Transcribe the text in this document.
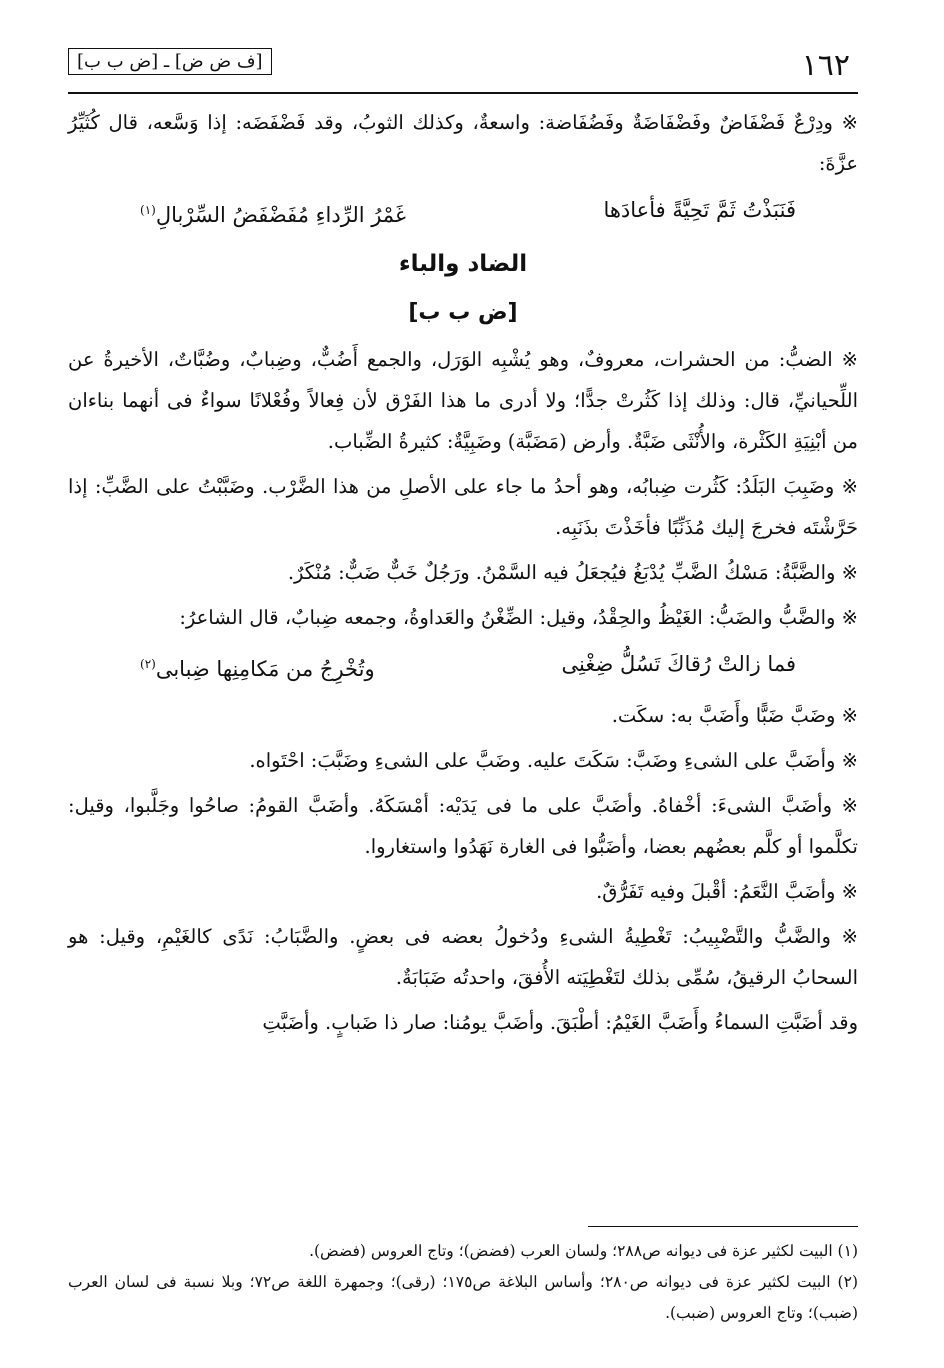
١٦٢
[ف ض ض] ـ [ض ب ب]

※ ودِرْعٌ فَضْفَاضٌ وفَضْفَاضَةٌ وفَضُفَاضة: واسعةٌ، وكذلك الثوبُ، وقد فَضْفَضَه: إذا وَسَّعه، قال كُثَيِّرُ عزَّةَ:

فَنَبَذْتُ ثَمَّ تَحِيَّةً فأعادَها
غَمْرُ الرِّداءِ مُفَضْفَضُ السِّرْبالِ$^{(١)}$
الضاد والباء
[ض ب ب]

※ الضبُّ: من الحشرات، معروفٌ، وهو يُشْبِه الوَرَل، والجمع أَضُبٌّ، وضِبابٌ، وضُبَّاتٌ، الأخيرةُ عن اللِّحيانيِّ، قال: وذلك إذا كَثُرتْ جدًّا؛ ولا أدرى ما هذا الفَرْق لأن فِعالاً وفُعْلانًا سواءٌ فى أنهما بناءان من أبْنِيَةِ الكَثْرة، والأُنْثَى ضَبَّةٌ. وأرض (مَضَبَّة) وضَبِيَّةٌ: كثيرةُ الضِّباب.

※ وضَبِبَ البَلَدُ: كَثُرت ضِبابُه، وهو أحدُ ما جاء على الأصلِ من هذا الضَّرْب. وضَبَّبْتُ على الضَّبِّ: إذا حَرَّشْتَه فخرجَ إليك مُذَنِّبًا فأخَذْتَ بذَنَبِه.

※ والضَّبَّةُ: مَسْكُ الضَّبِّ يُدْبَغُ فيُجعَلُ فيه السَّمْنُ. ورَجُلٌ خَبٌّ ضَبٌّ: مُنْكَرٌ.

※ والضَّبُّ والضَبُّ: الغَيْظُ والحِقْدُ، وقيل: الضِّغْنُ والعَداوةُ، وجمعه ضِبابٌ، قال الشاعرُ:

فما زالتْ رُقاكَ تَسُلُّ ضِغْنِى
وتُخْرِجُ من مَكامِنِها ضِبابى$^{(٢)}$

※ وضَبَّ ضَبًّا وأَضَبَّ به: سكَت.

※ وأضَبَّ على الشىءِ وضَبَّ: سَكَتَ عليه. وضَبَّ على الشىءِ وضَبَّبَ: احْتَواه.

※ وأضَبَّ الشىءَ: أخْفاهُ. وأضَبَّ على ما فى يَدَيْه: أمْسَكَهُ. وأضَبَّ القومُ: صاحُوا وجَلَّبوا، وقيل: تكلَّموا أو كلَّم بعضُهم بعضا، وأضَبُّوا فى الغارة نَهَدُوا واستغاروا.

※ وأضَبَّ النَّعَمُ: أقْبلَ وفيه تَفَرُّقٌ.

※ والضَّبُّ والتَّضْبِيبُ: تَغْطِيةُ الشىءِ ودُخولُ بعضه فى بعضٍ. والضَّبَابُ: نَدًى كالغَيْمِ، وقيل: هو السحابُ الرقيقُ، سُمِّى بذلك لتَغْطِيَته الأُفقَ، واحدتُه ضَبَابَةٌ.

وقد أضَبَّتِ السماءُ وأَضَبَّ الغَيْمُ: أطْبَقَ. وأضَبَّ يومُنا: صار ذا ضَبابٍ. وأضَبَّتِ

(١) البيت لكثير عزة فى ديوانه ص٢٨٨؛ ولسان العرب (فضض)؛ وتاج العروس (فضض).

(٢) البيت لكثير عزة فى ديوانه ص٢٨٠؛ وأساس البلاغة ص١٧٥؛ (رقى)؛ وجمهرة اللغة ص٧٢؛ وبلا نسبة فى لسان العرب (ضبب)؛ وتاج العروس (ضبب).
